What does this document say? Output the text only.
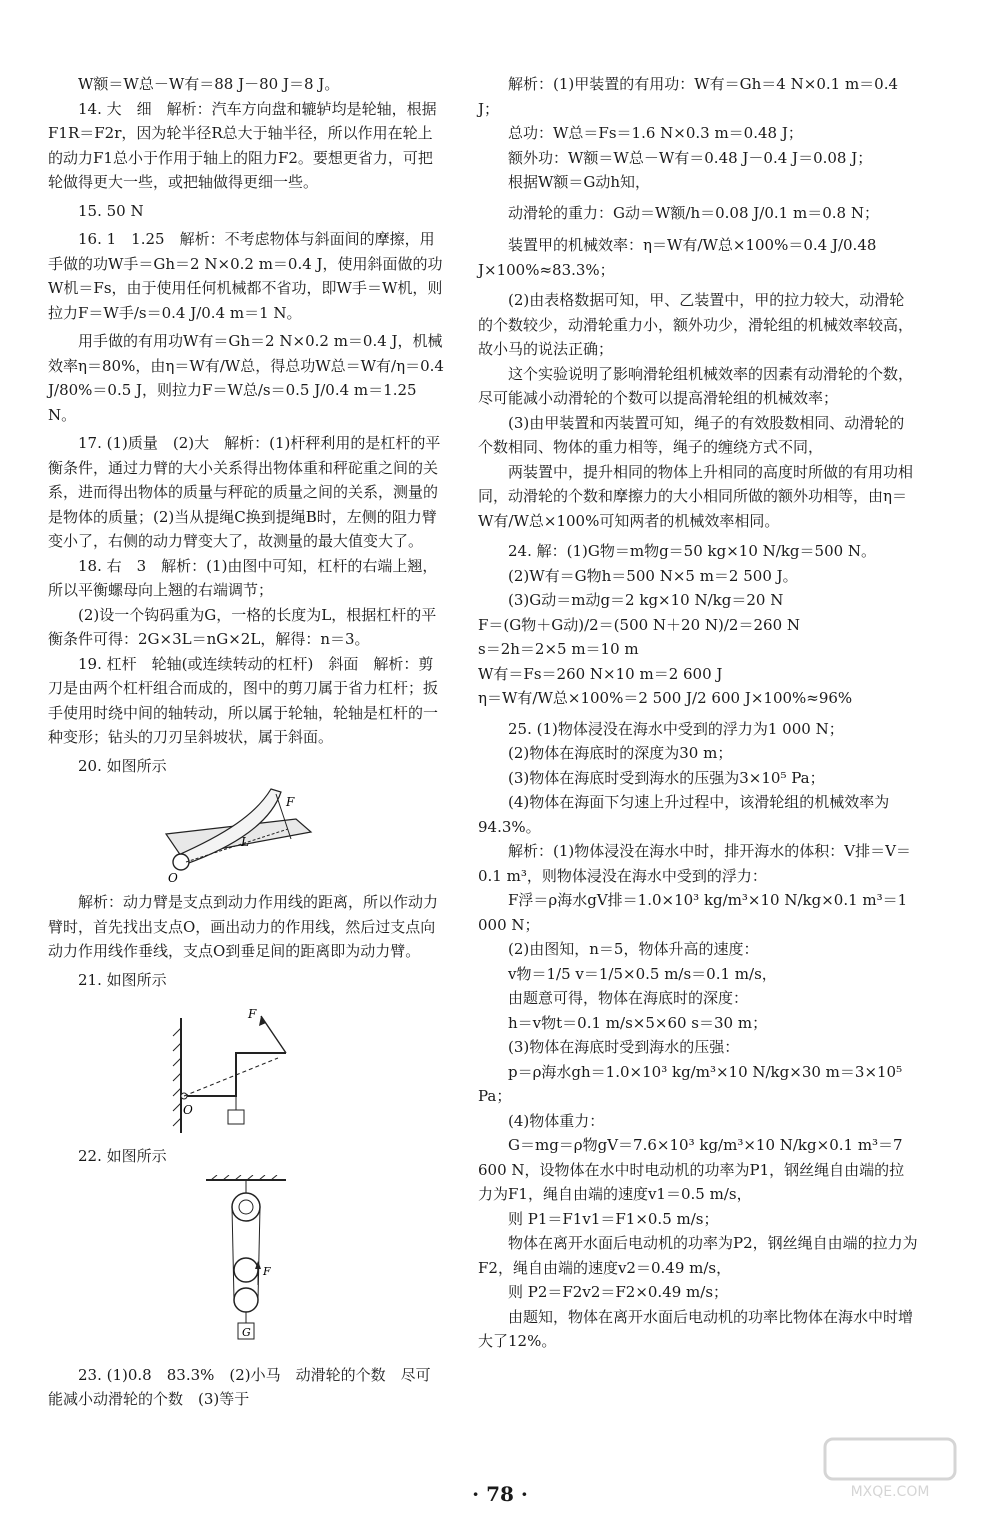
W额＝W总－W有＝88 J－80 J＝8 J。

14. 大　细　解析：汽车方向盘和辘轳均是轮轴，根据F1R＝F2r，因为轮半径R总大于轴半径，所以作用在轮上的动力F1总小于作用于轴上的阻力F2。要想更省力，可把轮做得更大一些，或把轴做得更细一些。

15. 50 N

16. 1　1.25　解析：不考虑物体与斜面间的摩擦，用手做的功W手＝Gh＝2 N×0.2 m＝0.4 J，使用斜面做的功W机＝Fs，由于使用任何机械都不省功，即W手＝W机，则拉力F＝W手/s＝0.4 J/0.4 m＝1 N。

用手做的有用功W有＝Gh＝2 N×0.2 m＝0.4 J，机械效率η＝80%，由η＝W有/W总，得总功W总＝W有/η＝0.4 J/80%＝0.5 J，则拉力F＝W总/s＝0.5 J/0.4 m＝1.25 N。

17. (1)质量　(2)大　解析：(1)杆秤利用的是杠杆的平衡条件，通过力臂的大小关系得出物体重和秤砣重之间的关系，进而得出物体的质量与秤砣的质量之间的关系，测量的是物体的质量；(2)当从提绳C换到提绳B时，左侧的阻力臂变小了，右侧的动力臂变大了，故测量的最大值变大了。

18. 右　3　解析：(1)由图中可知，杠杆的右端上翘，所以平衡螺母向上翘的右端调节；

(2)设一个钩码重为G，一格的长度为L，根据杠杆的平衡条件可得：2G×3L＝nG×2L，解得：n＝3。

19. 杠杆　轮轴(或连续转动的杠杆)　斜面　解析：剪刀是由两个杠杆组合而成的，图中的剪刀属于省力杠杆；扳手使用时绕中间的轴转动，所以属于轮轴，轮轴是杠杆的一种变形；钻头的刀刃呈斜坡状，属于斜面。

20. 如图所示

O
F
L

解析：动力臂是支点到动力作用线的距离，所以作动力臂时，首先找出支点O，画出动力的作用线，然后过支点向动力作用线作垂线，支点O到垂足间的距离即为动力臂。

21. 如图所示

O
F

22. 如图所示

G
F

23. (1)0.8　83.3%　(2)小马　动滑轮的个数　尽可能减小动滑轮的个数　(3)等于

解析：(1)甲装置的有用功：W有＝Gh＝4 N×0.1 m＝0.4 J；

总功：W总＝Fs＝1.6 N×0.3 m＝0.48 J；

额外功：W额＝W总－W有＝0.48 J－0.4 J＝0.08 J；

根据W额＝G动h知，

动滑轮的重力：G动＝W额/h＝0.08 J/0.1 m＝0.8 N；

装置甲的机械效率：η＝W有/W总×100%＝0.4 J/0.48 J×100%≈83.3%；

(2)由表格数据可知，甲、乙装置中，甲的拉力较大，动滑轮的个数较少，动滑轮重力小，额外功少，滑轮组的机械效率较高，故小马的说法正确；

这个实验说明了影响滑轮组机械效率的因素有动滑轮的个数，尽可能减小动滑轮的个数可以提高滑轮组的机械效率；

(3)由甲装置和丙装置可知，绳子的有效股数相同、动滑轮的个数相同、物体的重力相等，绳子的缠绕方式不同，

两装置中，提升相同的物体上升相同的高度时所做的有用功相同，动滑轮的个数和摩擦力的大小相同所做的额外功相等，由η＝W有/W总×100%可知两者的机械效率相同。

24. 解：(1)G物＝m物g＝50 kg×10 N/kg＝500 N。

(2)W有＝G物h＝500 N×5 m＝2 500 J。

(3)G动＝m动g＝2 kg×10 N/kg＝20 N

F＝(G物＋G动)/2＝(500 N＋20 N)/2＝260 N

s＝2h＝2×5 m＝10 m

W有＝Fs＝260 N×10 m＝2 600 J

η＝W有/W总×100%＝2 500 J/2 600 J×100%≈96%

25. (1)物体浸没在海水中受到的浮力为1 000 N；

(2)物体在海底时的深度为30 m；

(3)物体在海底时受到海水的压强为3×10⁵ Pa；

(4)物体在海面下匀速上升过程中，该滑轮组的机械效率为94.3%。

解析：(1)物体浸没在海水中时，排开海水的体积：V排＝V＝0.1 m³，则物体浸没在海水中受到的浮力：

F浮＝ρ海水gV排＝1.0×10³ kg/m³×10 N/kg×0.1 m³＝1 000 N；

(2)由图知，n＝5，物体升高的速度：

v物＝1/5 v＝1/5×0.5 m/s＝0.1 m/s，

由题意可得，物体在海底时的深度：

h＝v物t＝0.1 m/s×5×60 s＝30 m；

(3)物体在海底时受到海水的压强：

p＝ρ海水gh＝1.0×10³ kg/m³×10 N/kg×30 m＝3×10⁵ Pa；

(4)物体重力：

G＝mg＝ρ物gV＝7.6×10³ kg/m³×10 N/kg×0.1 m³＝7 600 N，设物体在水中时电动机的功率为P1，钢丝绳自由端的拉力为F1，绳自由端的速度v1＝0.5 m/s，

则 P1＝F1v1＝F1×0.5 m/s；

物体在离开水面后电动机的功率为P2，钢丝绳自由端的拉力为F2，绳自由端的速度v2＝0.49 m/s，

则 P2＝F2v2＝F2×0.49 m/s；

由题知，物体在离开水面后电动机的功率比物体在海水中时增大了12%。

· 78 ·	MXQE.COM
